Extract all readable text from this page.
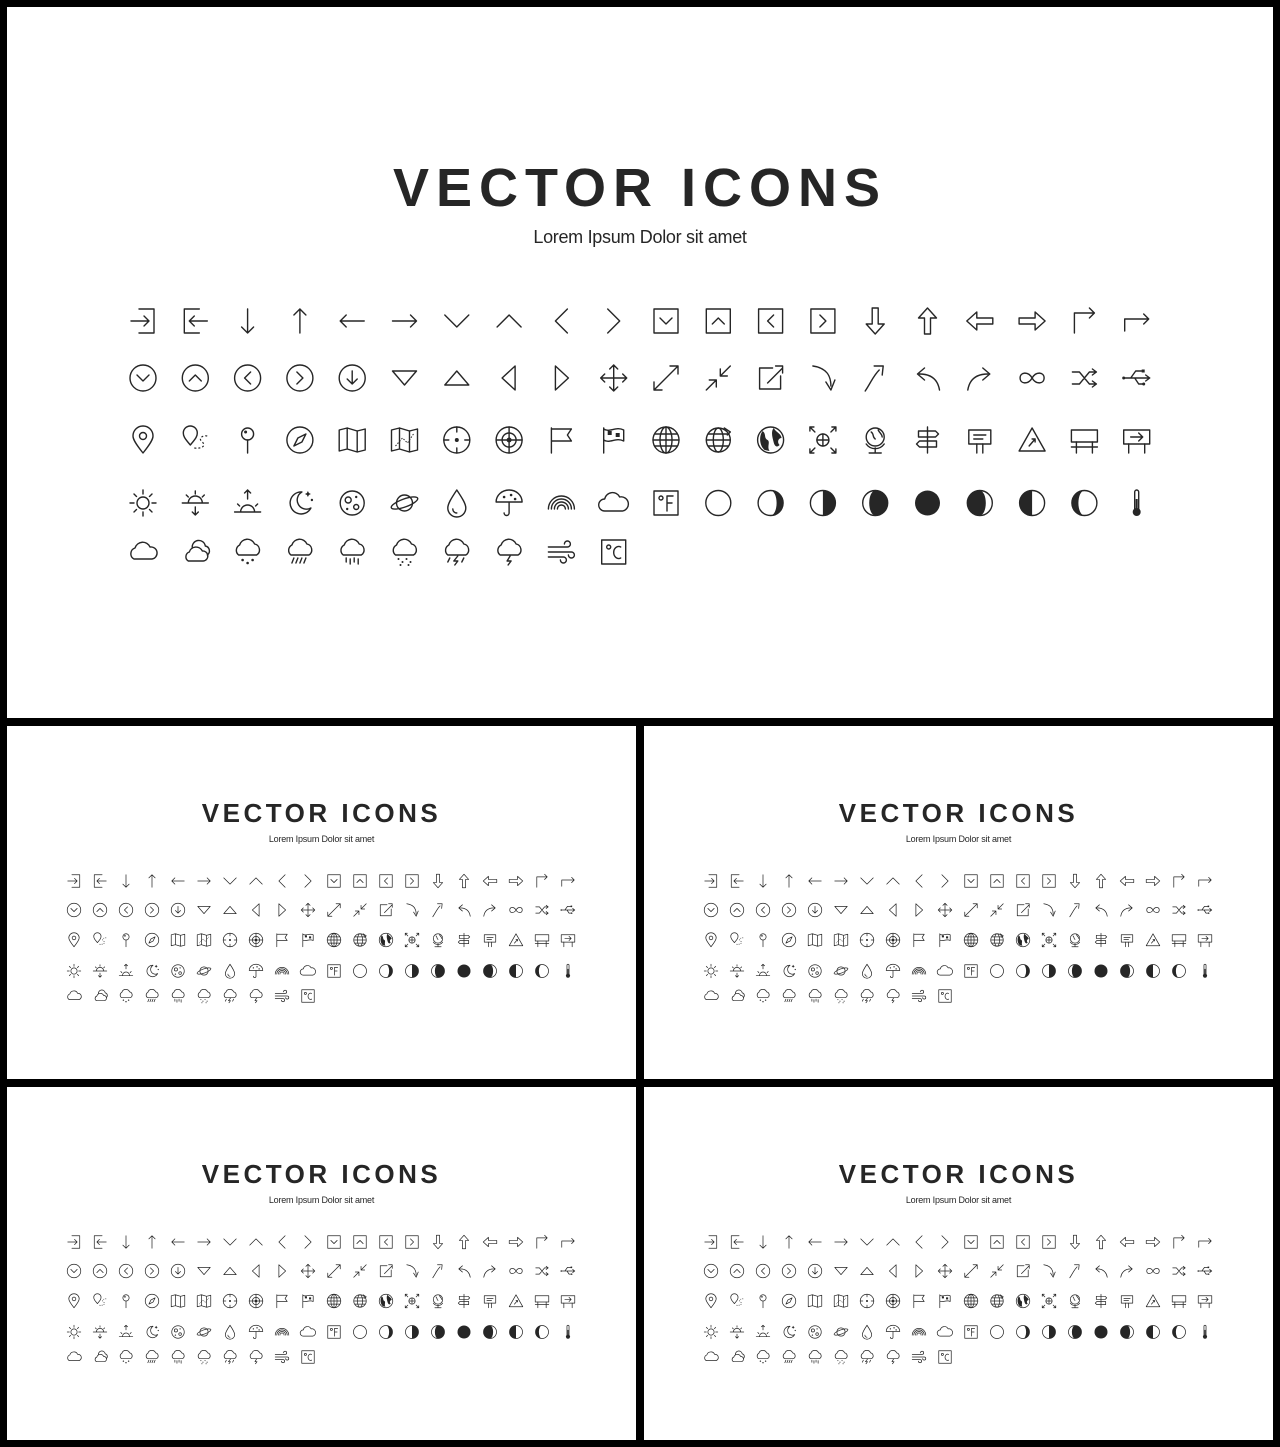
VECTOR ICONS
Lorem Ipsum Dolor sit amet
VECTOR ICONS
Lorem Ipsum Dolor sit amet
VECTOR ICONS
Lorem Ipsum Dolor sit amet
VECTOR ICONS
Lorem Ipsum Dolor sit amet
VECTOR ICONS
Lorem Ipsum Dolor sit amet
